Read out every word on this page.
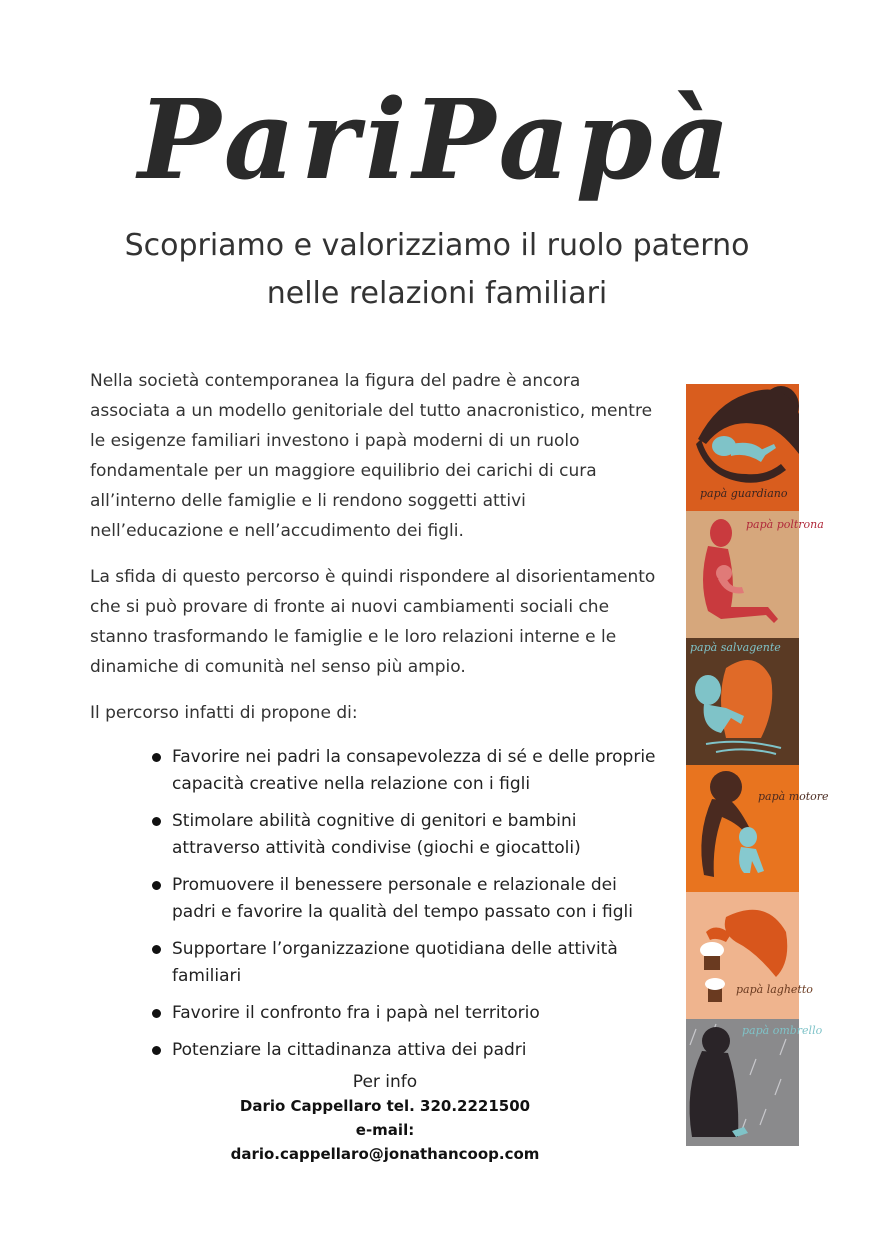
PariPapà
Scopriamo e valorizziamo il ruolo paterno
nelle relazioni familiari

Nella società contemporanea la figura del padre è ancora associata a un modello genitoriale del tutto anacronistico, mentre le esigenze familiari investono i papà moderni di un ruolo fondamentale per un maggiore equilibrio dei carichi di cura all’interno delle famiglie e li rendono soggetti attivi nell’educazione e nell’accudimento dei figli.

La sfida di questo percorso è quindi rispondere al disorientamento che si può provare di fronte ai nuovi cambiamenti sociali che stanno trasformando le famiglie e le loro relazioni interne e le dinamiche di comunità nel senso più ampio.

Il percorso infatti di propone di:

Favorire nei padri la consapevolezza di sé e delle proprie capacità creative nella relazione con i figli
Stimolare abilità cognitive di genitori e bambini attraverso attività condivise (giochi e giocattoli)
Promuovere il benessere personale e relazionale dei padri e favorire la qualità del tempo passato con i figli
Supportare l’organizzazione quotidiana delle attività familiari
Favorire il confronto fra i papà nel territorio
Potenziare la cittadinanza attiva dei padri
Per info
Dario Cappellaro tel. 320.2221500
e-mail: dario.cappellaro@jonathancoop.com
papà guardiano
papà poltrona
papà salvagente
papà motore
papà laghetto
papà ombrello
